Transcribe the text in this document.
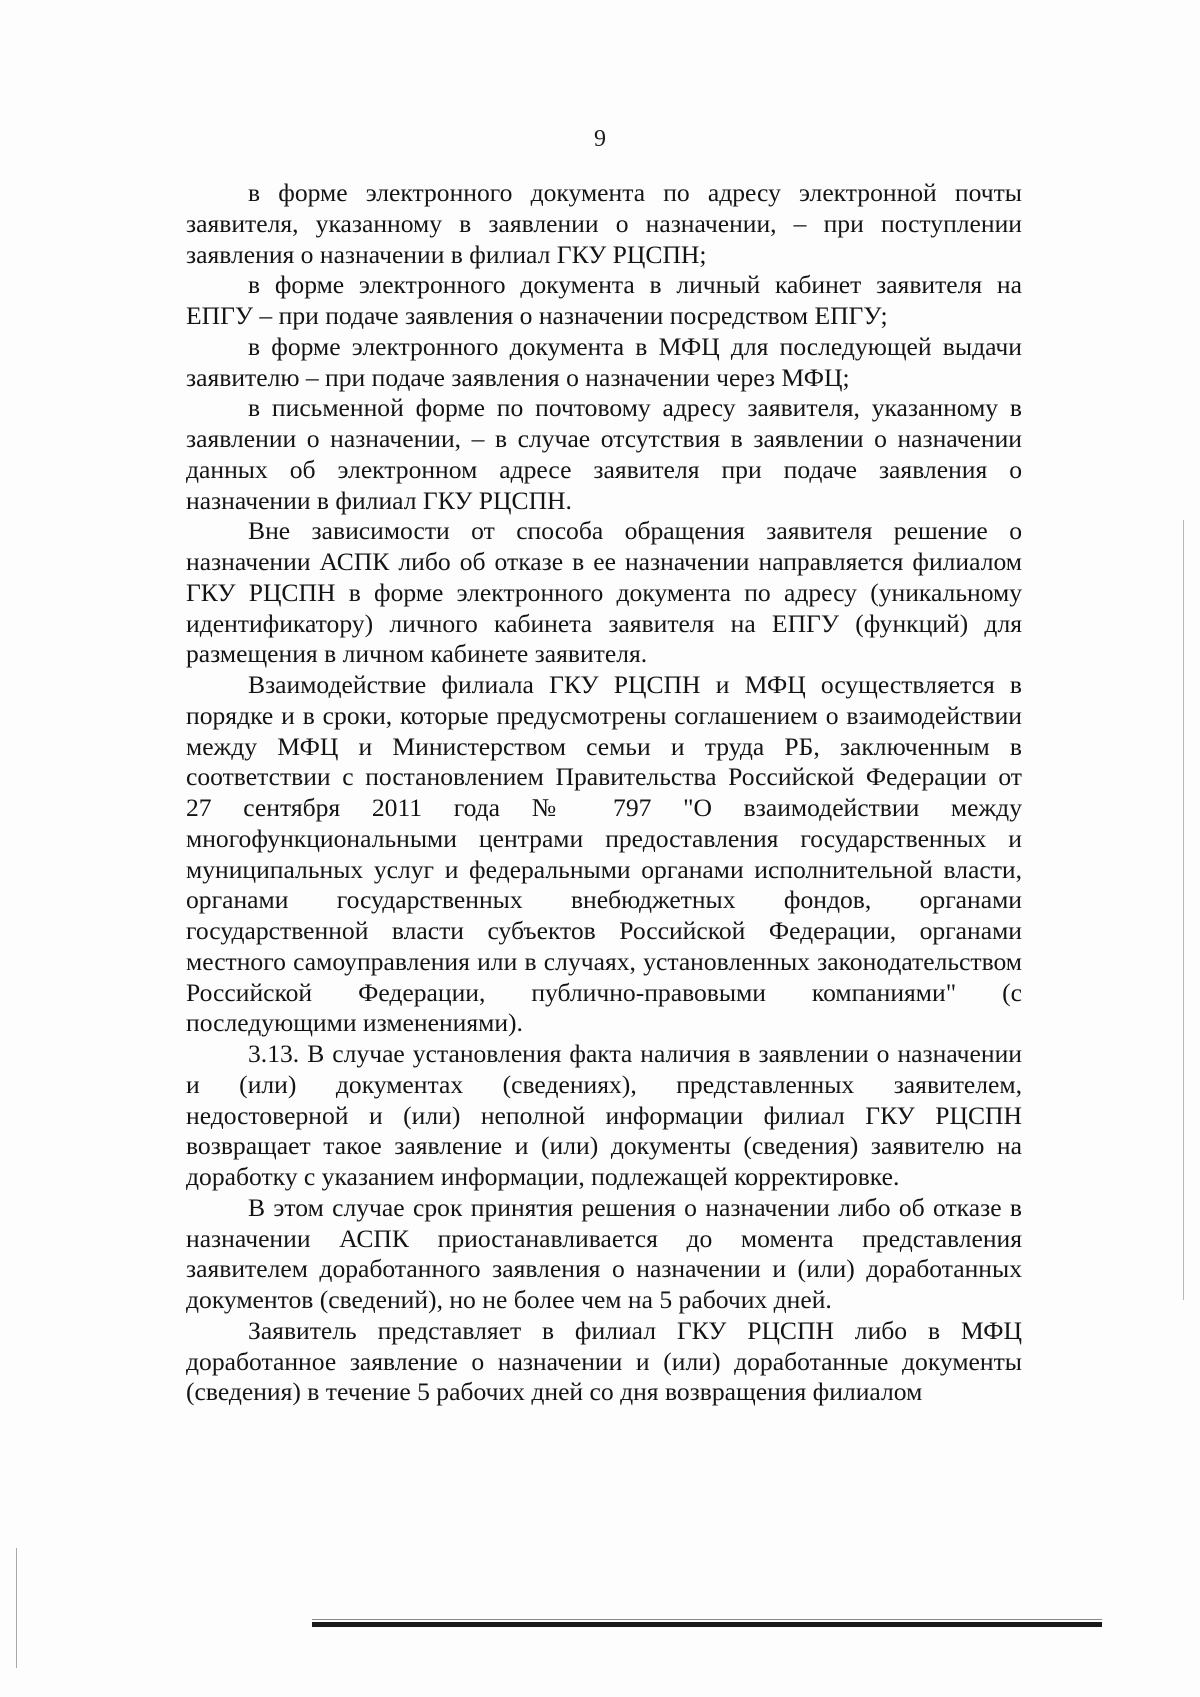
9

в форме электронного документа по адресу электронной почты заявителя, указанному в заявлении о назначении, – при поступлении заявления о назначении в филиал ГКУ РЦСПН;

в форме электронного документа в личный кабинет заявителя на ЕПГУ – при подаче заявления о назначении посредством ЕПГУ;

в форме электронного документа в МФЦ для последующей выдачи заявителю – при подаче заявления о назначении через МФЦ;

в письменной форме по почтовому адресу заявителя, указанному в заявлении о назначении, – в случае отсутствия в заявлении о назначении данных об электронном адресе заявителя при подаче заявления о назначении в филиал ГКУ РЦСПН.

Вне зависимости от способа обращения заявителя решение о назначении АСПК либо об отказе в ее назначении направляется филиалом ГКУ РЦСПН в форме электронного документа по адресу (уникальному идентификатору) личного кабинета заявителя на ЕПГУ (функций) для размещения в личном кабинете заявителя.

Взаимодействие филиала ГКУ РЦСПН и МФЦ осуществляется в порядке и в сроки, которые предусмотрены соглашением о взаимодействии между МФЦ и Министерством семьи и труда РБ, заключенным в соответствии с постановлением Правительства Российской Федерации от 27 сентября 2011 года № 797 "О взаимодействии между многофункциональными центрами предоставления государственных и муниципальных услуг и федеральными органами исполнительной власти, органами государственных внебюджетных фондов, органами государственной власти субъектов Российской Федерации, органами местного самоуправления или в случаях, установленных законодательством Российской Федерации, публично-правовыми компаниями" (с последующими изменениями).

3.13. В случае установления факта наличия в заявлении о назначении и (или) документах (сведениях), представленных заявителем, недостоверной и (или) неполной информации филиал ГКУ РЦСПН возвращает такое заявление и (или) документы (сведения) заявителю на доработку с указанием информации, подлежащей корректировке.

В этом случае срок принятия решения о назначении либо об отказе в назначении АСПК приостанавливается до момента представления заявителем доработанного заявления о назначении и (или) доработанных документов (сведений), но не более чем на 5 рабочих дней.

Заявитель представляет в филиал ГКУ РЦСПН либо в МФЦ доработанное заявление о назначении и (или) доработанные документы (сведения) в течение 5 рабочих дней со дня возвращения филиалом
